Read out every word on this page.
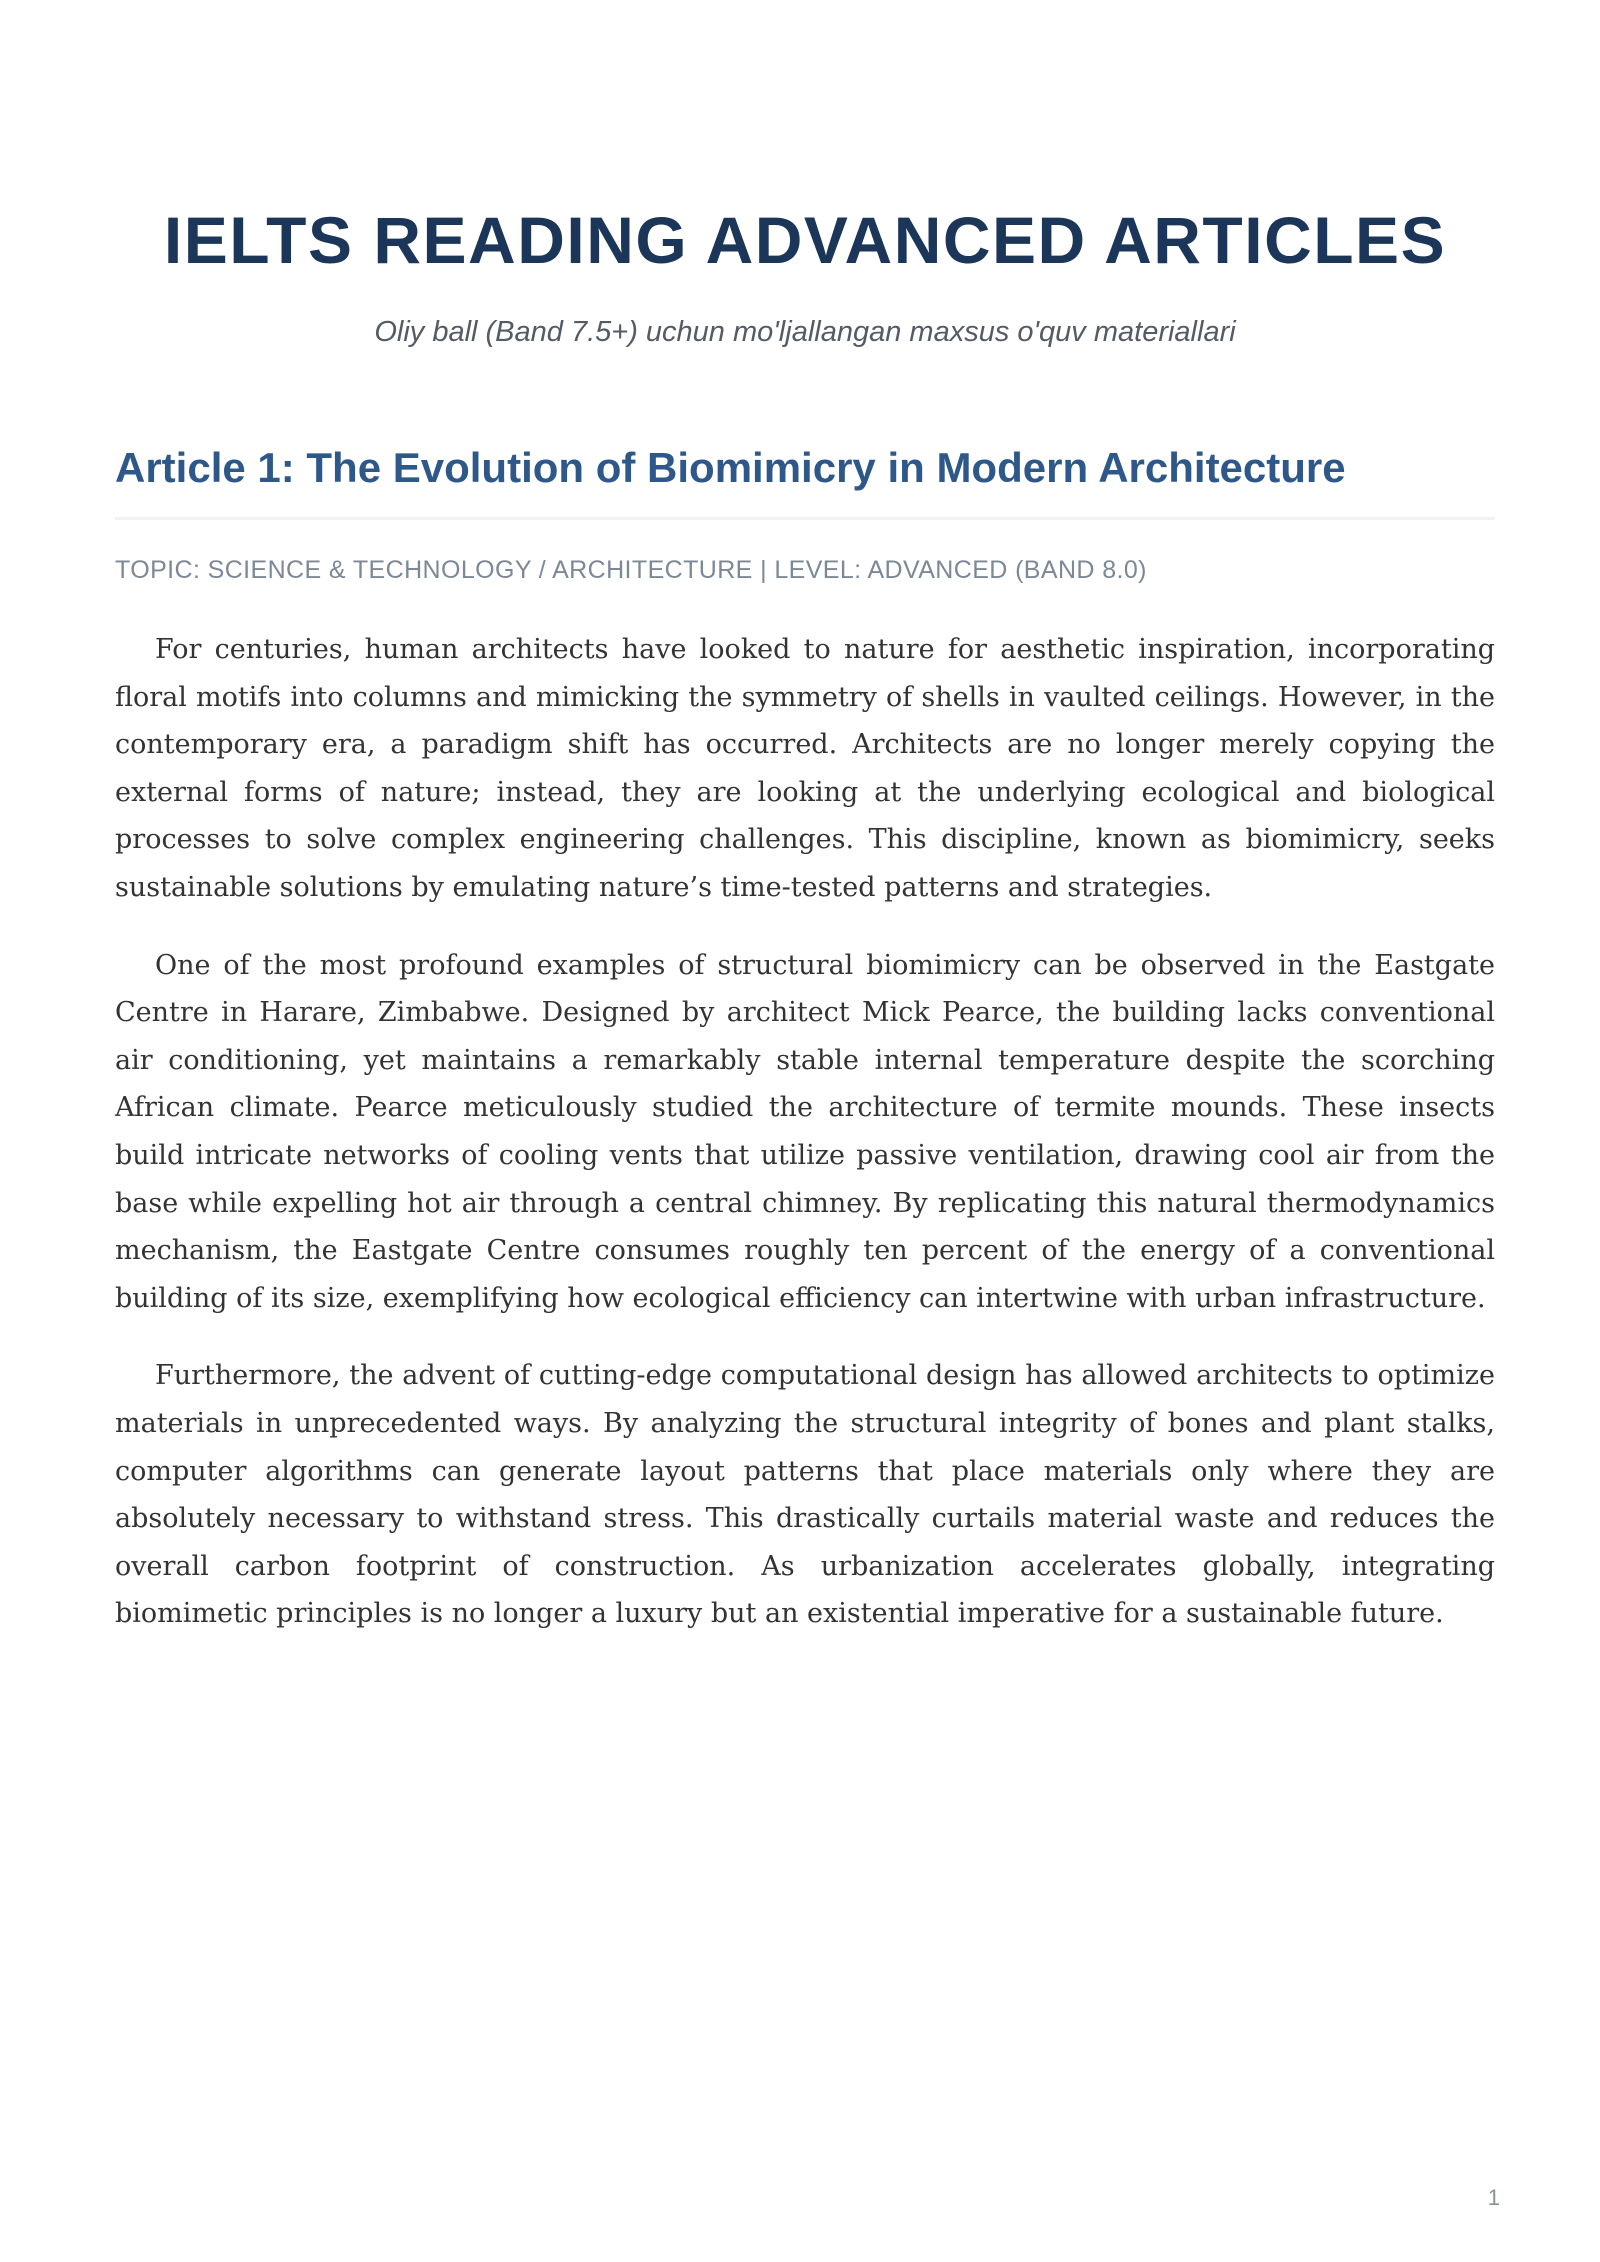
IELTS READING ADVANCED ARTICLES

Oliy ball (Band 7.5+) uchun mo'ljallangan maxsus o'quv materiallari

Article 1: The Evolution of Biomimicry in Modern Architecture

TOPIC: SCIENCE & TECHNOLOGY / ARCHITECTURE | LEVEL: ADVANCED (BAND 8.0)

For centuries, human architects have looked to nature for aesthetic inspiration, incorporating floral motifs into columns and mimicking the symmetry of shells in vaulted ceilings. However, in the contemporary era, a paradigm shift has occurred. Architects are no longer merely copying the external forms of nature; instead, they are looking at the underlying ecological and biological processes to solve complex engineering challenges. This discipline, known as biomimicry, seeks sustainable solutions by emulating nature’s time-tested patterns and strategies.

One of the most profound examples of structural biomimicry can be observed in the Eastgate Centre in Harare, Zimbabwe. Designed by architect Mick Pearce, the building lacks conventional air conditioning, yet maintains a remarkably stable internal temperature despite the scorching African climate. Pearce meticulously studied the architecture of termite mounds. These insects build intricate networks of cooling vents that utilize passive ventilation, drawing cool air from the base while expelling hot air through a central chimney. By replicating this natural thermodynamics mechanism, the Eastgate Centre consumes roughly ten percent of the energy of a conventional building of its size, exemplifying how ecological efficiency can intertwine with urban infrastructure.

Furthermore, the advent of cutting-edge computational design has allowed architects to optimize materials in unprecedented ways. By analyzing the structural integrity of bones and plant stalks, computer algorithms can generate layout patterns that place materials only where they are absolutely necessary to withstand stress. This drastically curtails material waste and reduces the overall carbon footprint of construction. As urbanization accelerates globally, integrating biomimetic principles is no longer a luxury but an existential imperative for a sustainable future.

1
